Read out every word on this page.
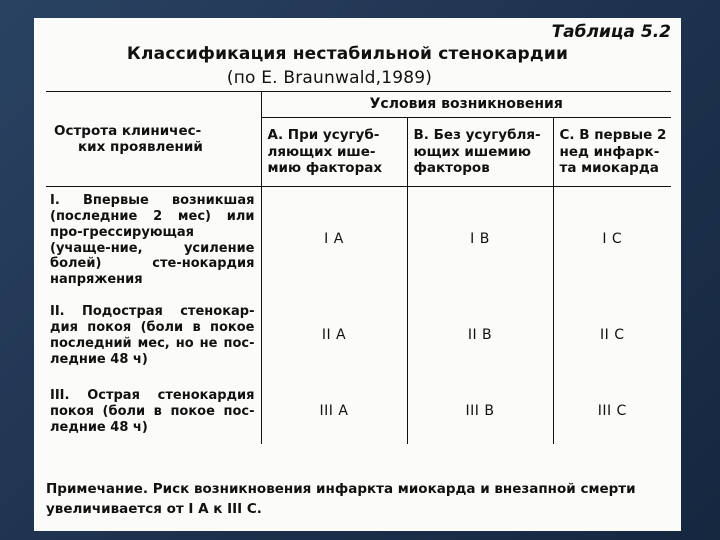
Таблица 5.2
Классификация нестабильной стенокардии
(по E. Braunwald,1989)
Острота клиничес-
ких проявлений	Условия возникновения		
	А. При усугуб-ляющих ише-мию факторах	В. Без усугубля-ющих ишемию факторов	С. В первые 2 нед инфарк-та миокарда
I. Впервые возникшая (последние 2 мес) или про-грессирующая (учаще-ние, усиление болей) сте-нокардия напряжения	I A	I B	I C
II. Подострая стенокар-дия покоя (боли в покое последний мес, но не пос-ледние 48 ч)	II A	II B	II C
III. Острая стенокардия покоя (боли в покое пос-ледние 48 ч)	III A	III B	III C
Примечание. Риск возникновения инфаркта миокарда и внезапной смерти увеличивается от I A к III C.
